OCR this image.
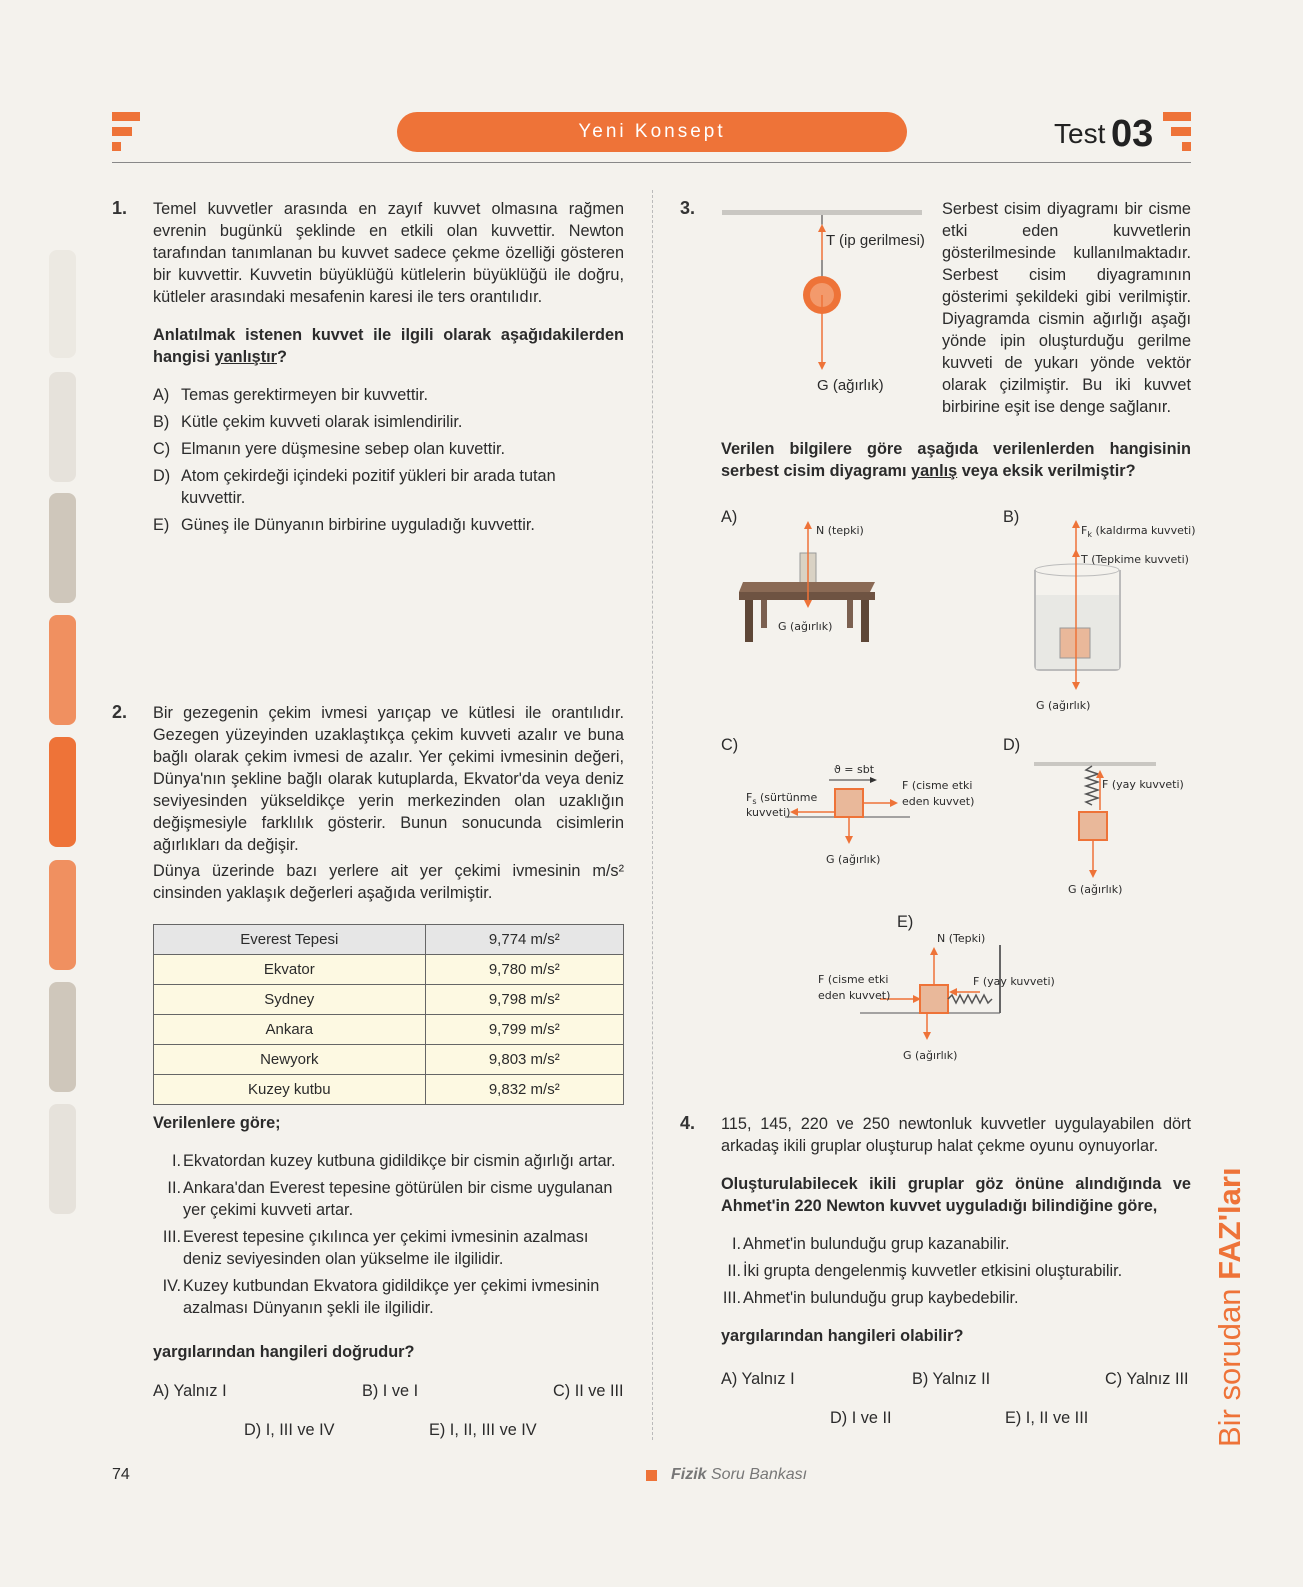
Yeni Konsept	Test 03
1. Temel kuvvetler arasında en zayıf kuvvet olmasına rağmen evrenin bugünkü şeklinde en etkili olan kuvvettir. Newton tarafından tanımlanan bu kuvvet sadece çekme özelliği gösteren bir kuvvettir. Kuvvetin büyüklüğü kütlelerin büyüklüğü ile doğru, kütleler arasındaki mesafenin karesi ile ters orantılıdır.

Anlatılmak istenen kuvvet ile ilgili olarak aşağıdakilerden hangisi yanlıştır?

A) Temas gerektirmeyen bir kuvvettir.

B) Kütle çekim kuvveti olarak isimlendirilir.

C) Elmanın yere düşmesine sebep olan kuvettir.

D) Atom çekirdeği içindeki pozitif yükleri bir arada tutan kuvvettir.

E) Güneş ile Dünyanın birbirine uyguladığı kuvvettir.

2. Bir gezegenin çekim ivmesi yarıçap ve kütlesi ile orantılıdır. Gezegen yüzeyinden uzaklaştıkça çekim kuvveti azalır ve buna bağlı olarak çekim ivmesi de azalır. Yer çekimi ivmesinin değeri, Dünya'nın şekline bağlı olarak kutuplarda, Ekvator'da veya deniz seviyesinden yükseldikçe yerin merkezinden olan uzaklığın değişmesiyle farklılık gösterir. Bunun sonucunda cisimlerin ağırlıkları da değişir.

Dünya üzerinde bazı yerlere ait yer çekimi ivmesinin m/s² cinsinden yaklaşık değerleri aşağıda verilmiştir.

Everest Tepesi	9,774 m/s²
Ekvator	9,780 m/s²
Sydney	9,798 m/s²
Ankara	9,799 m/s²
Newyork	9,803 m/s²
Kuzey kutbu	9,832 m/s²

Verilenlere göre;

I. Ekvatordan kuzey kutbuna gidildikçe bir cismin ağırlığı artar.

II. Ankara'dan Everest tepesine götürülen bir cisme uygulanan yer çekimi kuvveti artar.

III. Everest tepesine çıkılınca yer çekimi ivmesinin azalması deniz seviyesinden olan yükselme ile ilgilidir.

IV. Kuzey kutbundan Ekvatora gidildikçe yer çekimi ivmesinin azalması Dünyanın şekli ile ilgilidir.

yargılarından hangileri doğrudur?

A) Yalnız I	B) I ve I	C) II ve III
D) I, III ve IV	E) I, II, III ve IV
3.
T (ip gerilmesi)
G (ağırlık)

Serbest cisim diyagramı bir cisme etki eden kuvvetlerin gösterilmesinde kullanılmaktadır. Serbest cisim diyagramının gösterimi şekildeki gibi verilmiştir. Diyagramda cismin ağırlığı aşağı yönde ipin oluşturduğu gerilme kuvveti de yukarı yönde vektör olarak çizilmiştir. Bu iki kuvvet birbirine eşit ise denge sağlanır.

Verilen bilgilere göre aşağıda verilenlerden hangisinin serbest cisim diyagramı yanlış veya eksik verilmiştir?

A)
N (tepki)
G (ağırlık)
B)
$F_k$ (kaldırma kuvveti)
T (Tepkime kuvveti)
G (ağırlık)
C)
ϑ = sbt
$F_s$ (sürtünme
kuvveti)
F (cisme etki
eden kuvvet)
G (ağırlık)
D)
F (yay kuvveti)
G (ağırlık)
E)
N (Tepki)
F (cisme etki
eden kuvvet)
F (yay kuvveti)
G (ağırlık)
4. 115, 145, 220 ve 250 newtonluk kuvvetler uygulayabilen dört arkadaş ikili gruplar oluşturup halat çekme oyunu oynuyorlar.

Oluşturulabilecek ikili gruplar göz önüne alındığında ve Ahmet'in 220 Newton kuvvet uyguladığı bilindiğine göre,

I. Ahmet'in bulunduğu grup kazanabilir.

II. İki grupta dengelenmiş kuvvetler etkisini oluşturabilir.

III. Ahmet'in bulunduğu grup kaybedebilir.

yargılarından hangileri olabilir?

A) Yalnız I	B) Yalnız II	C) Yalnız III
D) I ve II	E) I, II ve III	Bir sorudan FAZ'ları
74	Fizik Soru Bankası
